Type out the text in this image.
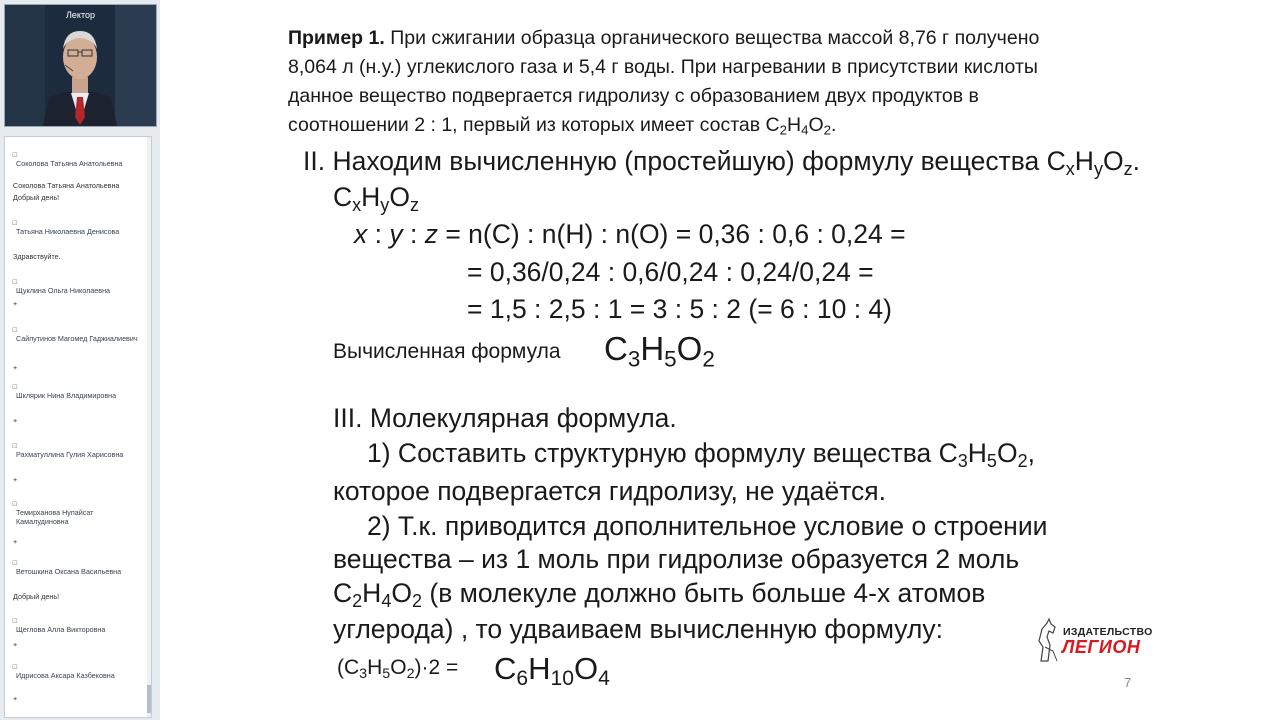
Лектор
⊡
Соколова Татьяна Анатольевна
Соколова Татьяна Анатольевна
Добрый день!
⊡
Татьяна Николаевна Денисова
Здравствуйте.
⊡
Щуклина Ольга Николаевна
+
⊡
Сайпутинов Магомед Гаджиалиевич
+
⊡
Шклярик Нина Владимировна
+
⊡
Рахматуллина Гулия Харисовна
+
⊡
Темирханова Нупайсат Камалудиновна
+
⊡
Ветошкина Оксана Васильевна
Добрый день!
⊡
Щеглова Алла Викторовна
+
⊡
Идрисова Аксара Казбековна
+
Пример 1. При сжигании образца органического вещества массой 8,76 г получено
8,064 л (н.у.) углекислого газа и 5,4 г воды. При нагревании в присутствии кислоты
данное вещество подвергается гидролизу с образованием двух продуктов в
соотношении 2 : 1, первый из которых имеет состав $C_2H_4O_2$.
II. Находим вычисленную (простейшую) формулу вещества $C_xH_yO_z$.
$C_xH_yO_z$
x : y : z = n(C) : n(H) : n(O) = 0,36 : 0,6 : 0,24 =
= 0,36/0,24 : 0,6/0,24 : 0,24/0,24 =
= 1,5 : 2,5 : 1 = 3 : 5 : 2 (= 6 : 10 : 4)
Вычисленная формула $C_3H_5O_2$
III. Молекулярная формула.
1) Составить структурную формулу вещества $C_3H_5O_2$,
которое подвергается гидролизу, не удаётся.
2) Т.к. приводится дополнительное условие о строении
вещества – из 1 моль при гидролизе образуется 2 моль
$C_2H_4O_2$ (в молекуле должно быть больше 4-х атомов
углерода) , то удваиваем вычисленную формулу:
$(C_3H_5O_2)\cdot 2 = C_6H_{10}O_4$
ИЗДАТЕЛЬСТВО
ЛЕГИОН
7
